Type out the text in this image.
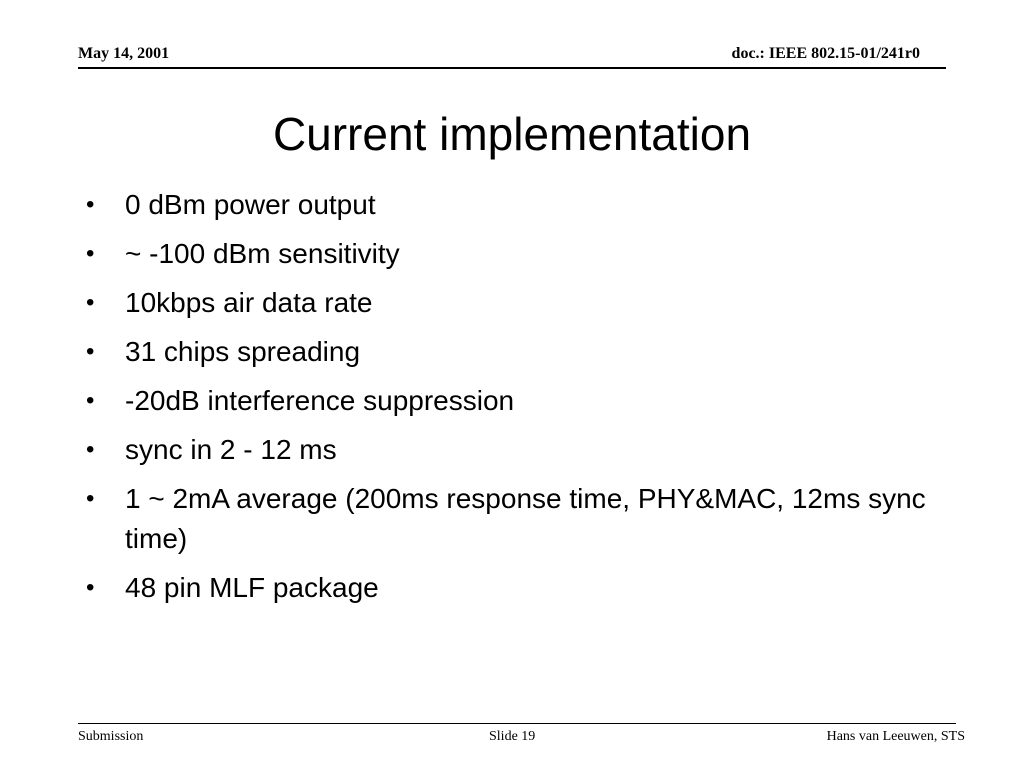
May 14, 2001	doc.: IEEE 802.15-01/241r0
Current implementation
•	0 dBm power output
•	~ -100 dBm sensitivity
•	10kbps air data rate
•	31 chips spreading
•	-20dB interference suppression
•	sync in 2 - 12 ms
•	1 ~ 2mA average (200ms response time, PHY&MAC, 12ms sync time)
•	48 pin MLF package
Submission	Slide 19	Hans van Leeuwen, STS
